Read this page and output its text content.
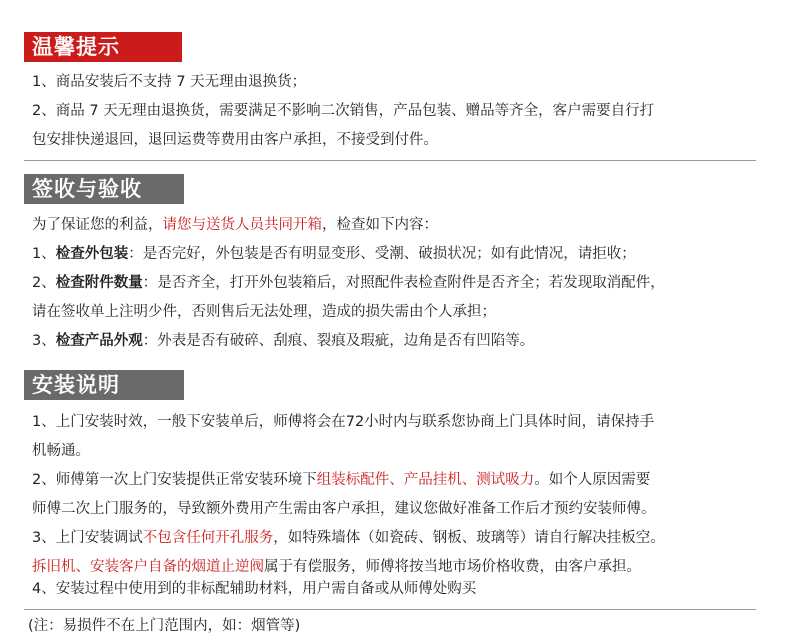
温馨提示

1、商品安装后不支持 7 天无理由退换货；

2、商品 7 天无理由退换货，需要满足不影响二次销售，产品包装、赠品等齐全，客户需要自行打

包安排快递退回，退回运费等费用由客户承担，不接受到付件。

签收与验收

为了保证您的利益，请您与送货人员共同开箱，检查如下内容：

1、检查外包装：是否完好，外包装是否有明显变形、受潮、破损状况；如有此情况，请拒收；

2、检查附件数量：是否齐全，打开外包装箱后，对照配件表检查附件是否齐全；若发现取消配件，

请在签收单上注明少件，否则售后无法处理，造成的损失需由个人承担；

3、检查产品外观：外表是否有破碎、刮痕、裂痕及瑕疵，边角是否有凹陷等。

安装说明

1、上门安装时效，一般下安装单后，师傅将会在72小时内与联系您协商上门具体时间，请保持手

机畅通。

2、师傅第一次上门安装提供正常安装环境下组装标配件、产品挂机、测试吸力。如个人原因需要

师傅二次上门服务的，导致额外费用产生需由客户承担，建议您做好准备工作后才预约安装师傅。

3、上门安装调试不包含任何开孔服务，如特殊墙体（如瓷砖、钢板、玻璃等）请自行解决挂板空。

拆旧机、安装客户自备的烟道止逆阀属于有偿服务，师傅将按当地市场价格收费，由客户承担。

4、安装过程中使用到的非标配辅助材料，用户需自备或从师傅处购买

(注：易损件不在上门范围内，如：烟管等)
